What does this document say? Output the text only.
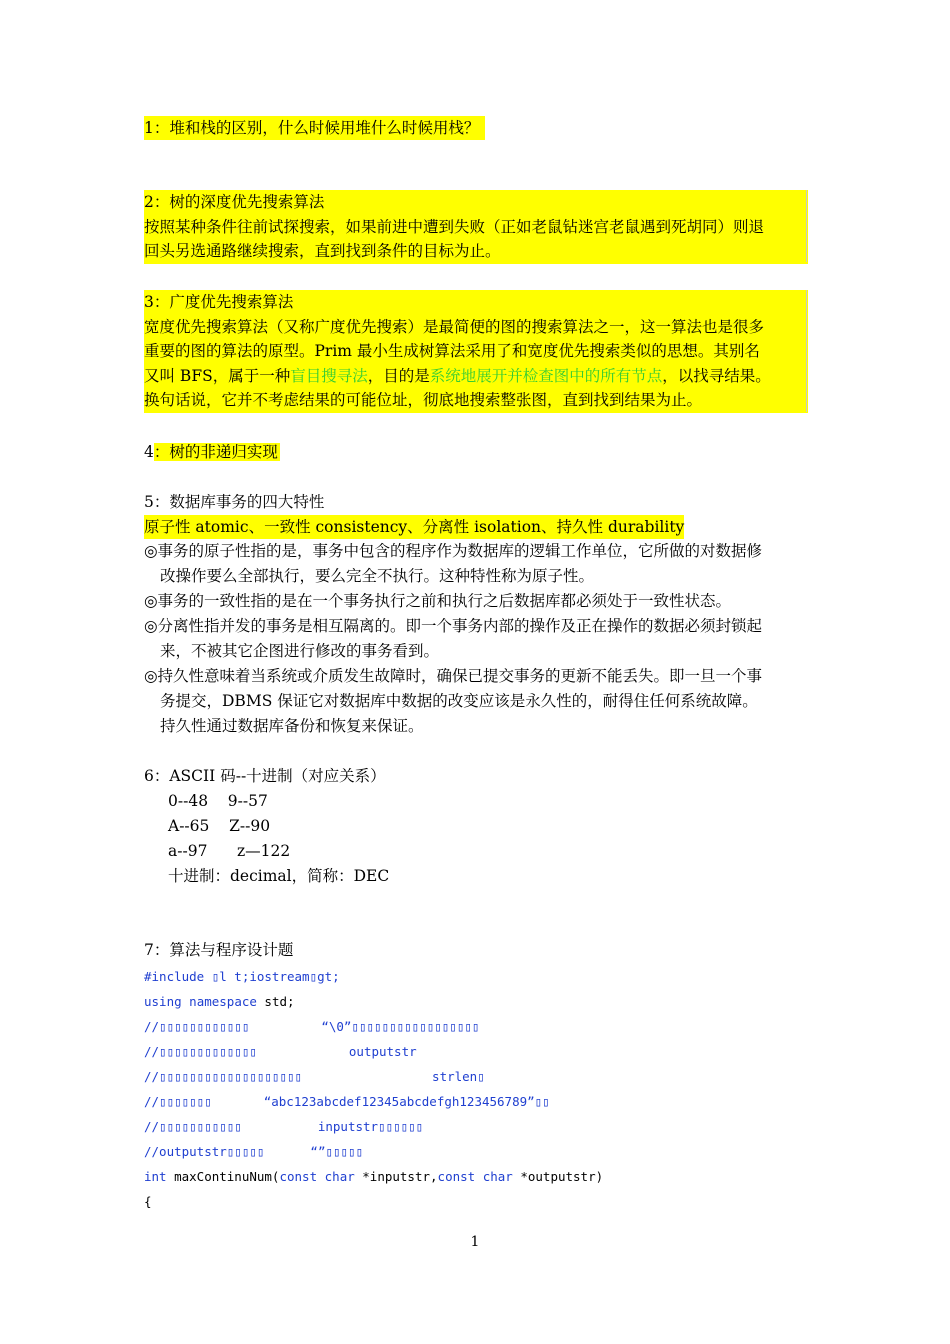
1：堆和栈的区别，什么时候用堆什么时候用栈？
2：树的深度优先搜索算法
按照某种条件往前试探搜索，如果前进中遭到失败（正如老鼠钻迷宫老鼠遇到死胡同）则退
回头另选通路继续搜索，直到找到条件的目标为止。
3：广度优先搜索算法
宽度优先搜索算法（又称广度优先搜索）是最简便的图的搜索算法之一，这一算法也是很多
重要的图的算法的原型。Prim 最小生成树算法采用了和宽度优先搜索类似的思想。其别名
又叫 BFS，属于一种盲目搜寻法，目的是系统地展开并检查图中的所有节点，以找寻结果。
换句话说，它并不考虑结果的可能位址，彻底地搜索整张图，直到找到结果为止。
4：树的非递归实现
5：数据库事务的四大特性
原子性 atomic、一致性 consistency、分离性 isolation、持久性 durability
◎事务的原子性指的是，事务中包含的程序作为数据库的逻辑工作单位，它所做的对数据修
改操作要么全部执行，要么完全不执行。这种特性称为原子性。
◎事务的一致性指的是在一个事务执行之前和执行之后数据库都必须处于一致性状态。
◎分离性指并发的事务是相互隔离的。即一个事务内部的操作及正在操作的数据必须封锁起
来，不被其它企图进行修改的事务看到。
◎持久性意味着当系统或介质发生故障时，确保已提交事务的更新不能丢失。即一旦一个事
务提交，DBMS 保证它对数据库中数据的改变应该是永久性的，耐得住任何系统故障。
持久性通过数据库备份和恢复来保证。
6：ASCII 码--十进制（对应关系）
0--48    9--57
A--65    Z--90
a--97      z—122
十进制：decimal，简称：DEC
7：算法与程序设计题
#include ▯l t;iostream▯gt;
using namespace std;
//▯▯▯▯▯▯▯▯▯▯▯▯	“\0”▯▯▯▯▯▯▯▯▯▯▯▯▯▯▯▯▯
//▯▯▯▯▯▯▯▯▯▯▯▯▯	outputstr
//▯▯▯▯▯▯▯▯▯▯▯▯▯▯▯▯▯▯▯	strlen▯
//▯▯▯▯▯▯▯	“abc123abcdef12345abcdefgh123456789”▯▯
//▯▯▯▯▯▯▯▯▯▯▯	inputstr▯▯▯▯▯▯
//outputstr▯▯▯▯▯	“”▯▯▯▯▯
int maxContinuNum(const char *inputstr,const char *outputstr)
{
1
